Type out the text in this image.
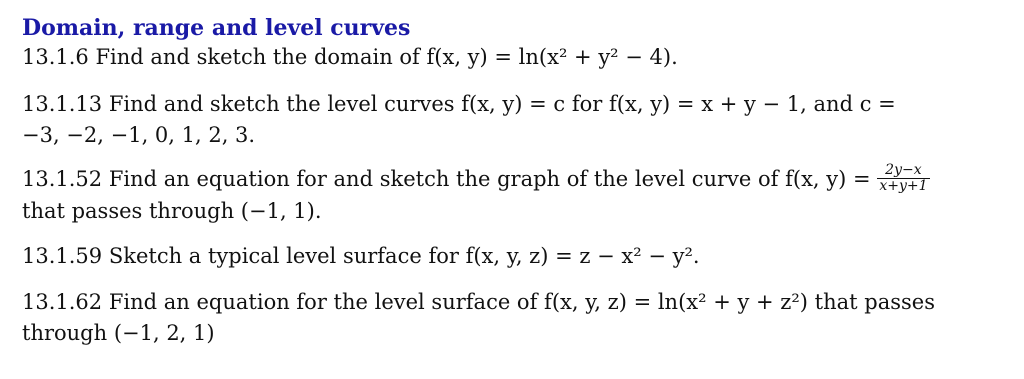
Domain, range and level curves

13.1.6 Find and sketch the domain of f(x, y) = ln(x² + y² − 4).

13.1.13 Find and sketch the level curves f(x, y) = c for f(x, y) = x + y − 1, and c =
−3, −2, −1, 0, 1, 2, 3.

13.1.52 Find an equation for and sketch the graph of the level curve of f(x, $y) = \frac{2y-x}{x+y+1}$

that passes through (−1, 1).

13.1.59 Sketch a typical level surface for f(x, y, z) = z − x² − y².

13.1.62 Find an equation for the level surface of f(x, y, z) = ln(x² + y + z²) that passes
through (−1, 2, 1)
